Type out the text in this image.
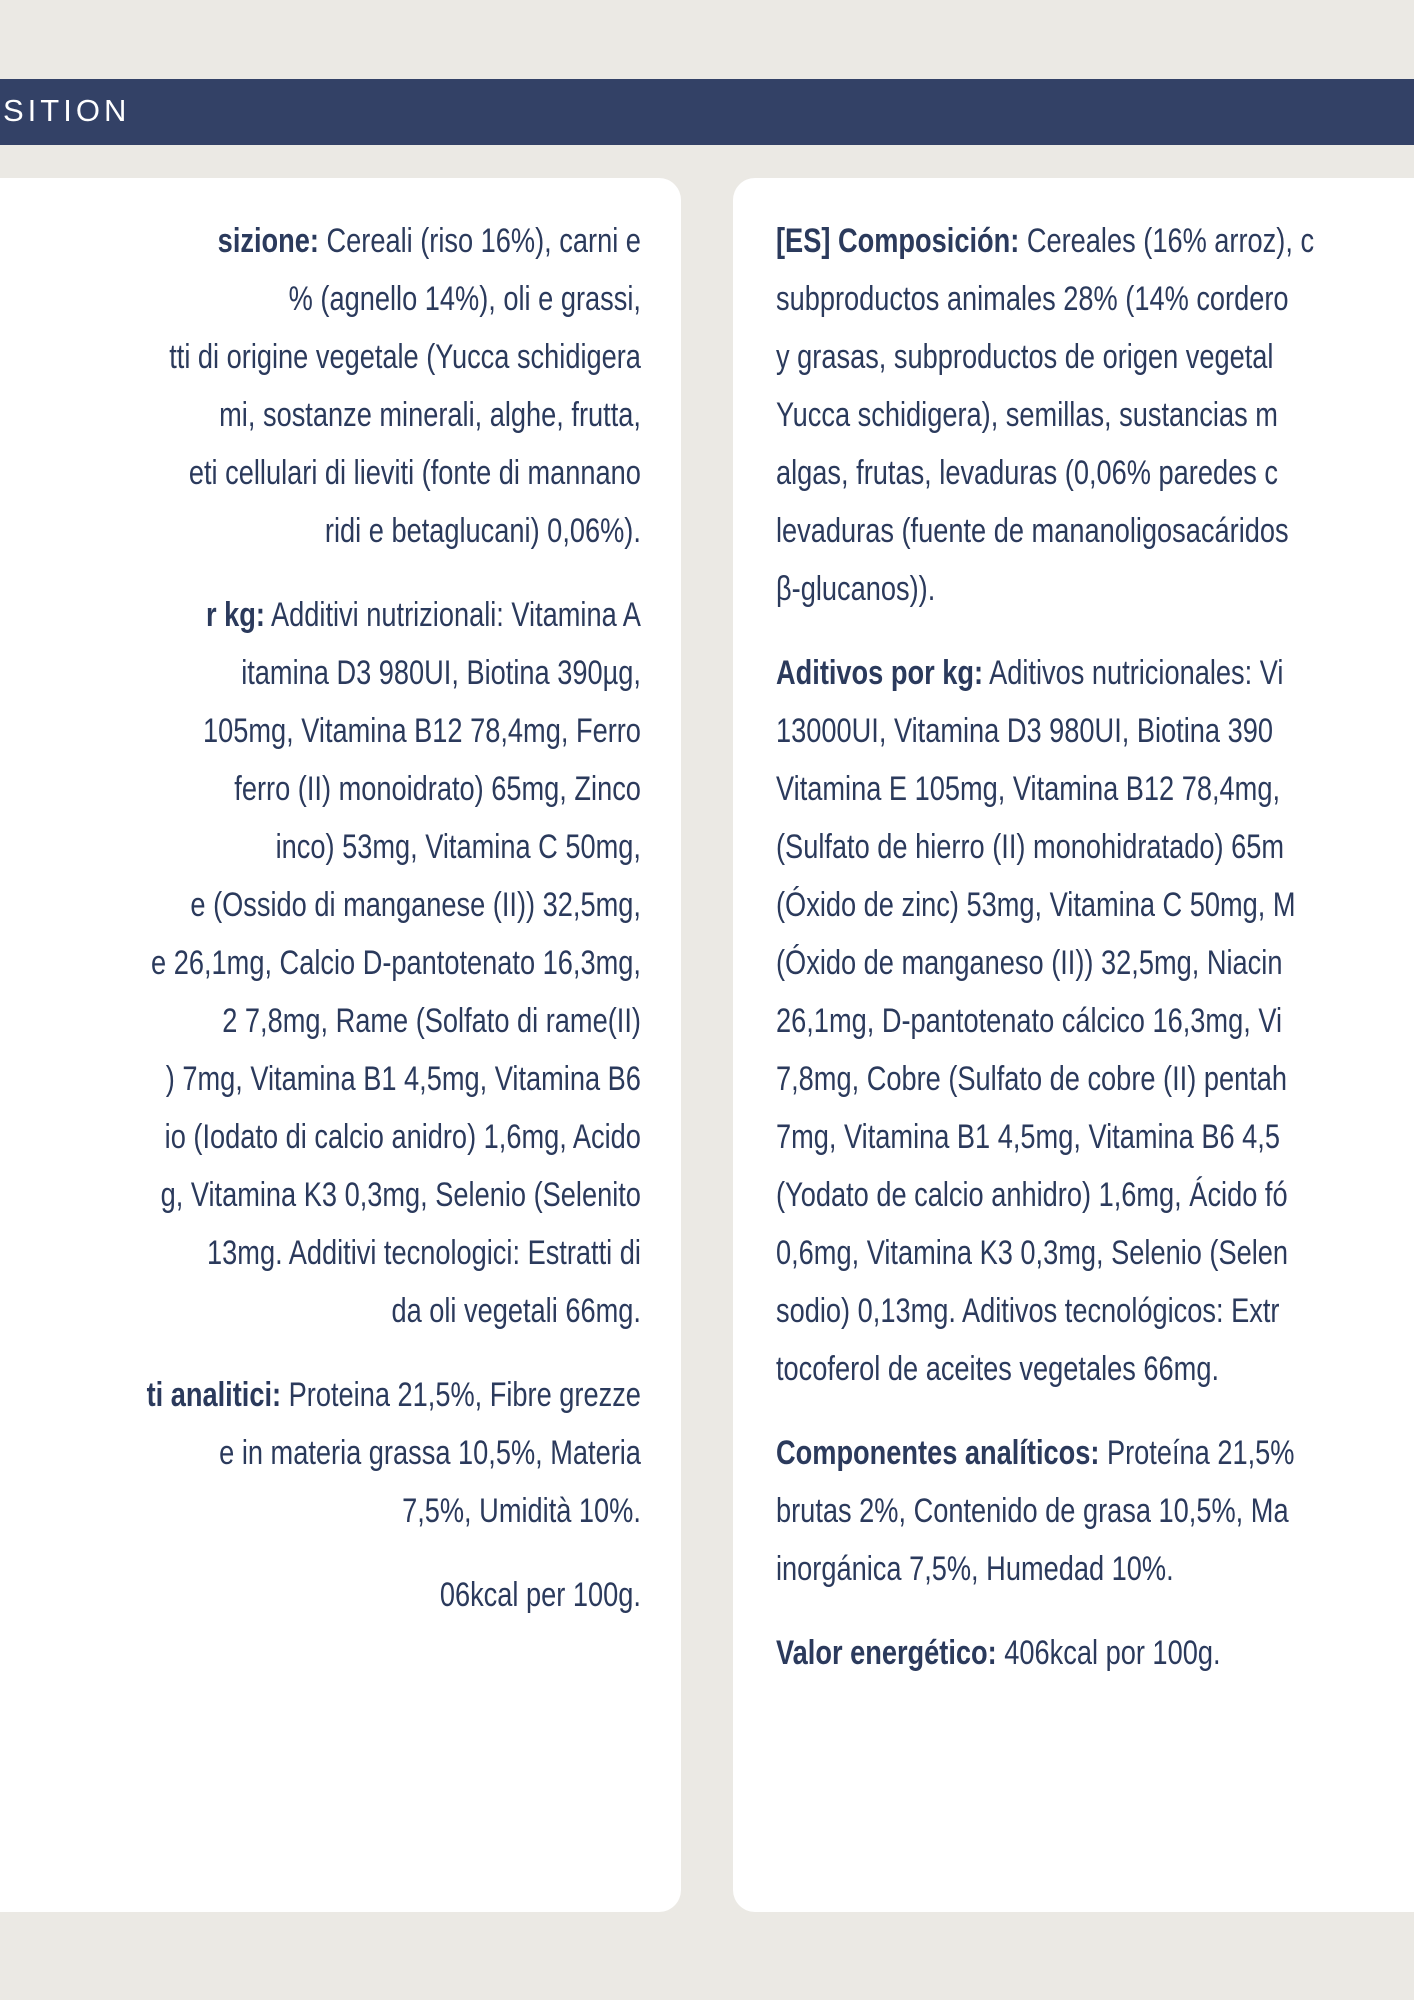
SITION
sizione: Cereali (riso 16%), carni e
% (agnello 14%), oli e grassi,
tti di origine vegetale (Yucca schidigera
mi, sostanze minerali, alghe, frutta,
eti cellulari di lieviti (fonte di mannano
ridi e betaglucani) 0,06%).
r kg: Additivi nutrizionali: Vitamina A
itamina D3 980UI, Biotina 390µg,
105mg, Vitamina B12 78,4mg, Ferro
ferro (II) monoidrato) 65mg, Zinco
inco) 53mg, Vitamina C 50mg,
e (Ossido di manganese (II)) 32,5mg,
e 26,1mg, Calcio D-pantotenato 16,3mg,
2 7,8mg, Rame (Solfato di rame(II)
) 7mg, Vitamina B1 4,5mg, Vitamina B6
io (Iodato di calcio anidro) 1,6mg, Acido
g, Vitamina K3 0,3mg, Selenio (Selenito
13mg. Additivi tecnologici: Estratti di
da oli vegetali 66mg.
ti analitici: Proteina 21,5%, Fibre grezze
e in materia grassa 10,5%, Materia
7,5%, Umidità 10%.
06kcal per 100g.
[ES] Composición: Cereales (16% arroz), c
subproductos animales 28% (14% cordero
y grasas, subproductos de origen vegetal
Yucca schidigera), semillas, sustancias m
algas, frutas, levaduras (0,06% paredes c
levaduras (fuente de mananoligosacáridos
β-glucanos)).
Aditivos por kg: Aditivos nutricionales: Vi
13000UI, Vitamina D3 980UI, Biotina 390
Vitamina E 105mg, Vitamina B12 78,4mg,
(Sulfato de hierro (II) monohidratado) 65m
(Óxido de zinc) 53mg, Vitamina C 50mg, M
(Óxido de manganeso (II)) 32,5mg, Niacin
26,1mg, D-pantotenato cálcico 16,3mg, Vi
7,8mg, Cobre (Sulfato de cobre (II) pentah
7mg, Vitamina B1 4,5mg, Vitamina B6 4,5
(Yodato de calcio anhidro) 1,6mg, Ácido fó
0,6mg, Vitamina K3 0,3mg, Selenio (Selen
sodio) 0,13mg. Aditivos tecnológicos: Extr
tocoferol de aceites vegetales 66mg.
Componentes analíticos: Proteína 21,5%
brutas 2%, Contenido de grasa 10,5%, Ma
inorgánica 7,5%, Humedad 10%.
Valor energético: 406kcal por 100g.
